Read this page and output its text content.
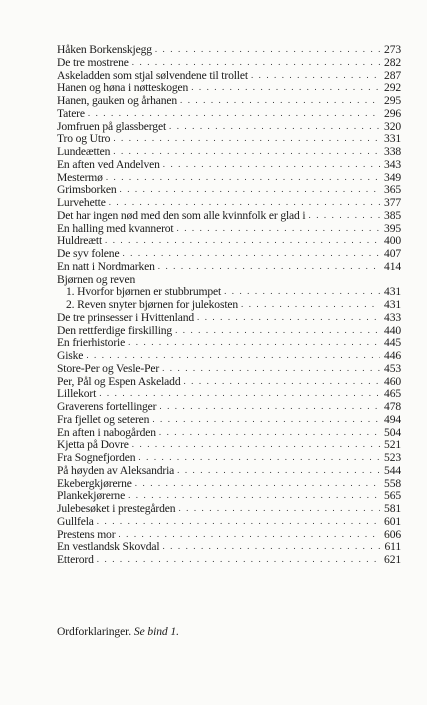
Håken Borkenskjegg . . .	273
De tre mostrene . . .	282
Askeladden som stjal sølvendene til trollet . . .	287
Hanen og høna i nøtteskogen . . .	292
Hanen, gauken og århanen . . .	295
Tatere . . .	296
Jomfruen på glassberget . . .	320
Tro og Utro . . .	331
Lundeætten . . .	338
En aften ved Andelven . . .	343
Mestermø . . .	349
Grimsborken . . .	365
Lurvehette . . .	377
Det har ingen nød med den som alle kvinnfolk er glad i . . .	385
En halling med kvannerot . . .	395
Huldreætt . . .	400
De syv folene . . .	407
En natt i Nordmarken . . .	414
Bjørnen og reven
1. Hvorfor bjørnen er stubbrumpet . . .	431
2. Reven snyter bjørnen for julekosten . . .	431
De tre prinsesser i Hvittenland . . .	433
Den rettferdige firskilling . . .	440
En frierhistorie . . .	445
Giske . . .	446
Store-Per og Vesle-Per . . .	453
Per, Pål og Espen Askeladd . . .	460
Lillekort . . .	465
Graverens fortellinger . . .	478
Fra fjellet og seteren . . .	494
En aften i nabogården . . .	504
Kjetta på Dovre . . .	521
Fra Sognefjorden . . .	523
På høyden av Aleksandria . . .	544
Ekebergkjørerne . . .	558
Plankekjørerne . . .	565
Julebesøket i prestegården . . .	581
Gullfela . . .	601
Prestens mor . . .	606
En vestlandsk Skovdal . . .	611
Etterord . . .	621
Ordforklaringer. Se bind 1.
